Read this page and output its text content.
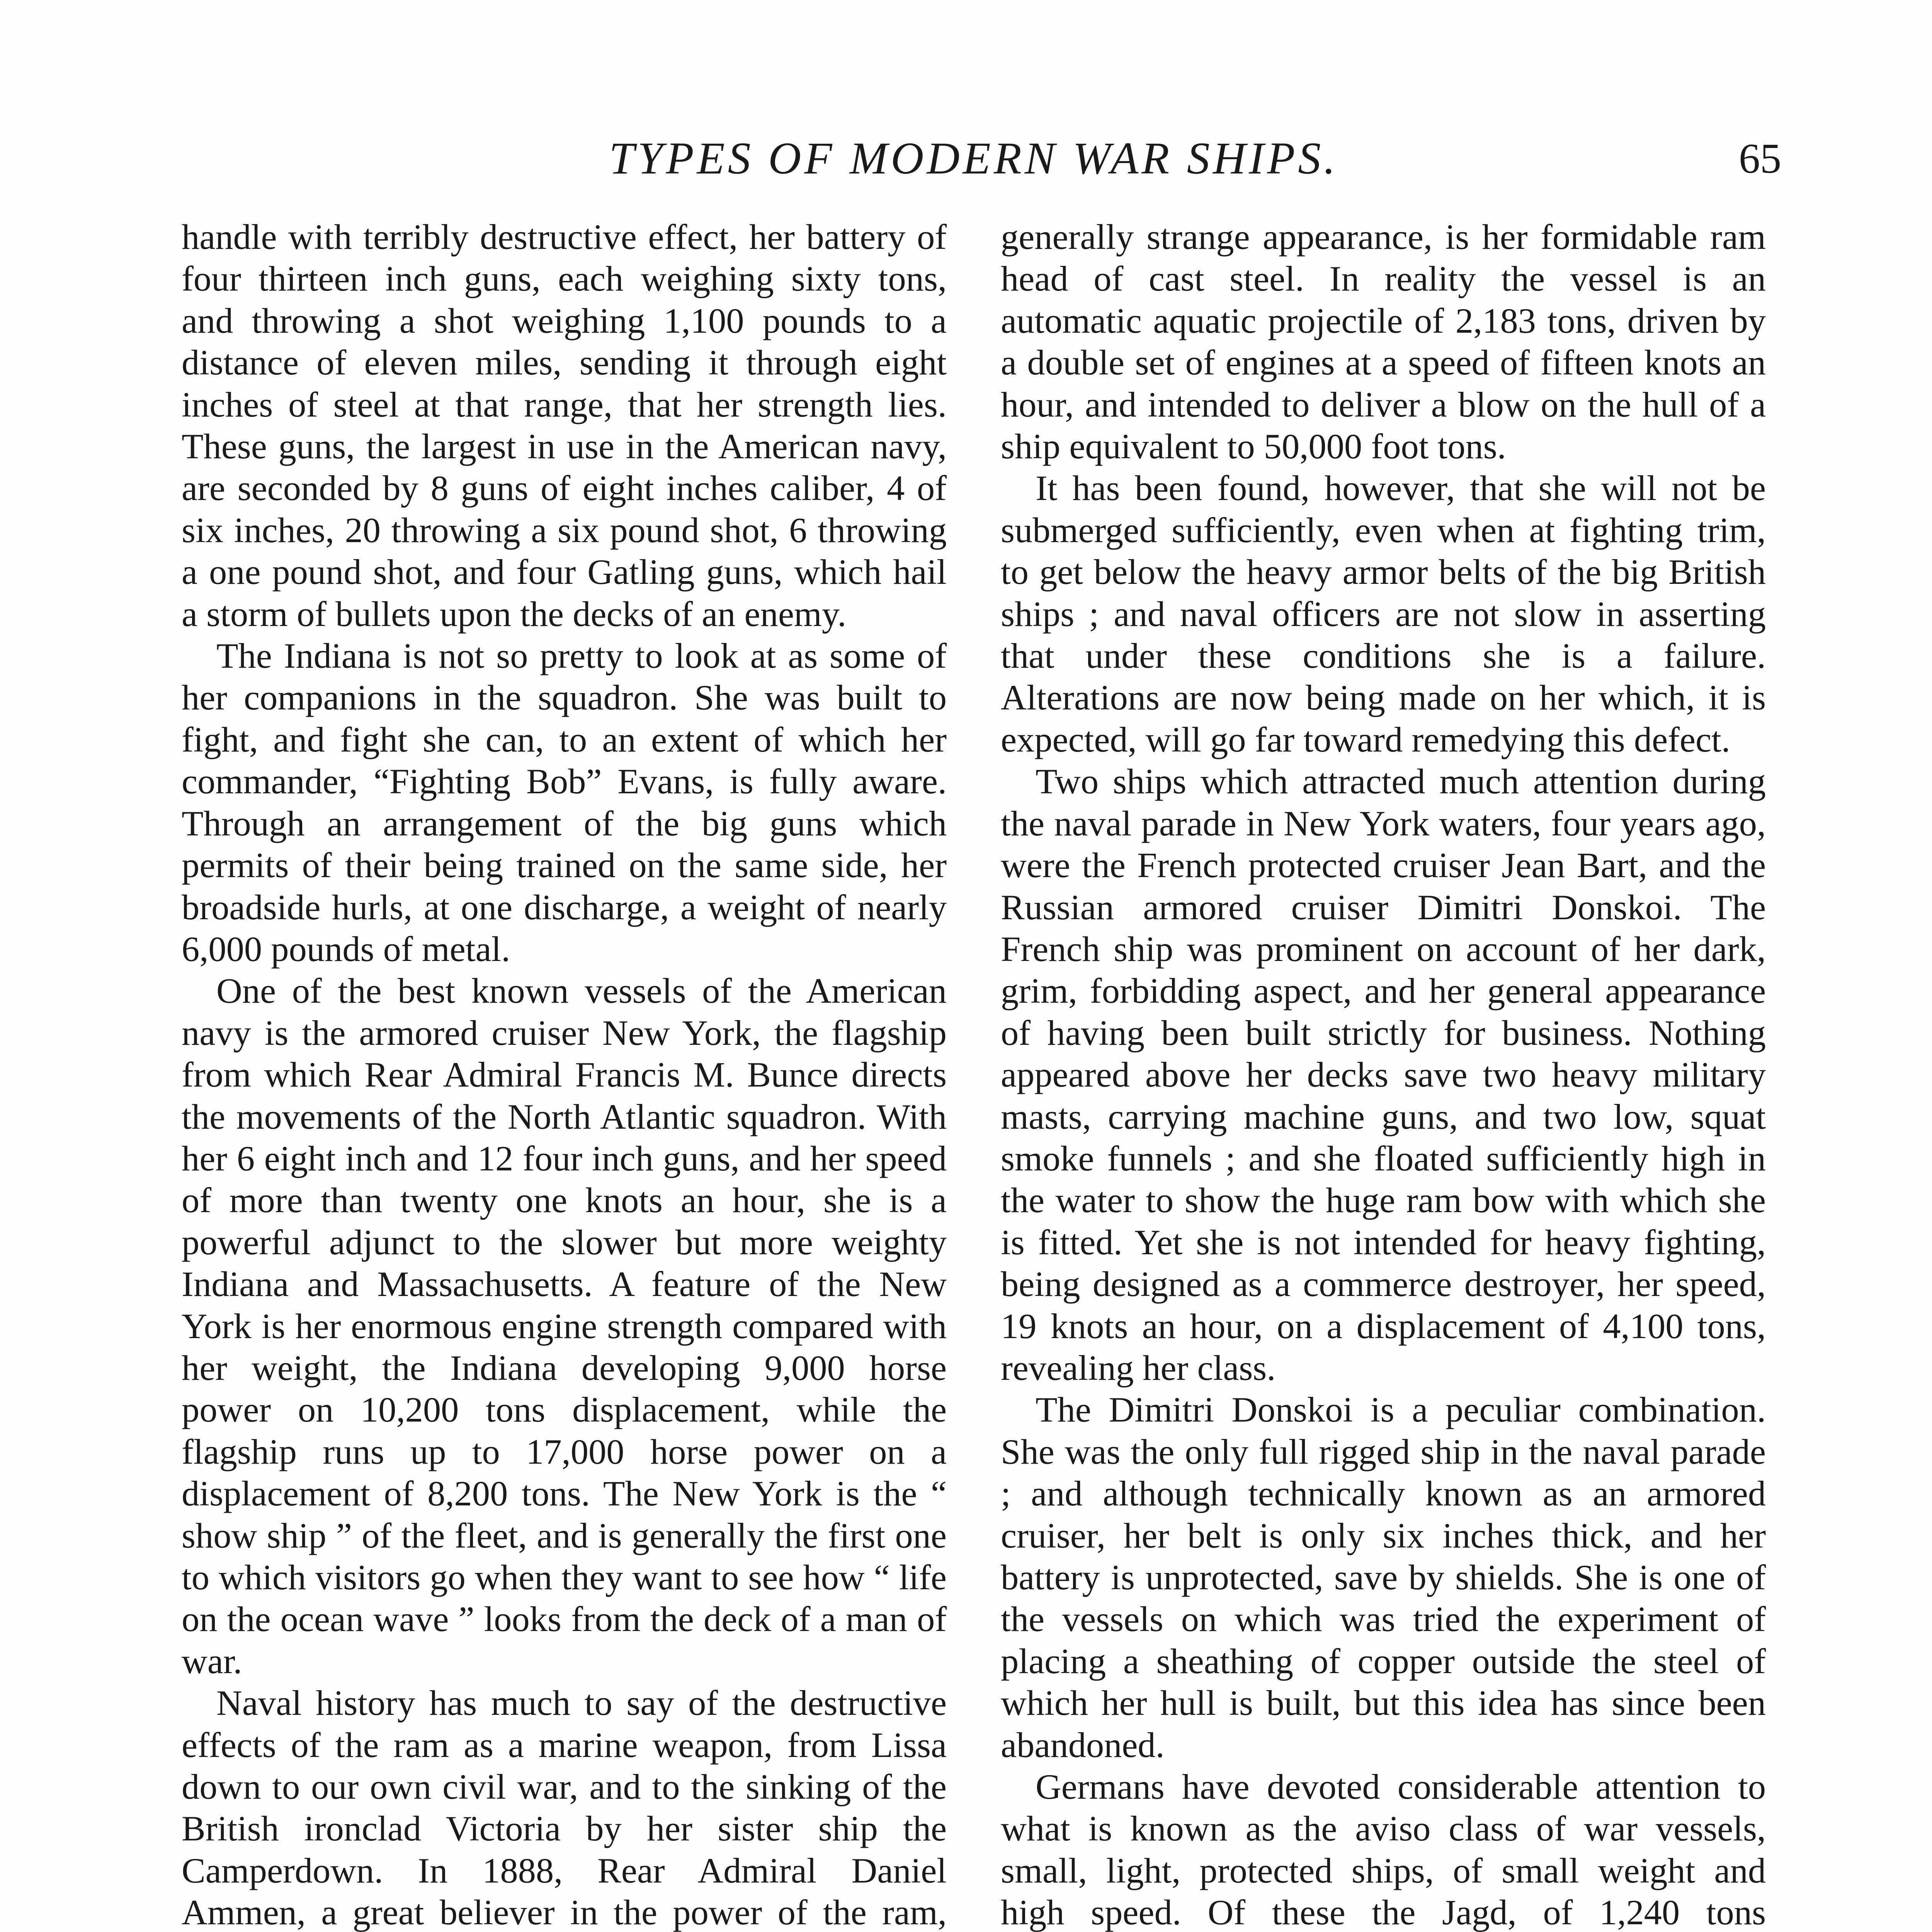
TYPES OF MODERN WAR SHIPS.	65

handle with terribly destructive effect, her battery of four thirteen inch guns, each weighing sixty tons, and throwing a shot weighing 1,100 pounds to a distance of eleven miles, sending it through eight inches of steel at that range, that her strength lies. These guns, the largest in use in the American navy, are seconded by 8 guns of eight inches caliber, 4 of six inches, 20 throwing a six pound shot, 6 throwing a one pound shot, and four Gatling guns, which hail a storm of bullets upon the decks of an enemy.

The Indiana is not so pretty to look at as some of her companions in the squadron. She was built to fight, and fight she can, to an extent of which her commander, “Fighting Bob” Evans, is fully aware. Through an arrangement of the big guns which permits of their being trained on the same side, her broadside hurls, at one discharge, a weight of nearly 6,000 pounds of metal.

One of the best known vessels of the American navy is the armored cruiser New York, the flagship from which Rear Admiral Francis M. Bunce directs the movements of the North Atlantic squadron. With her 6 eight inch and 12 four inch guns, and her speed of more than twenty one knots an hour, she is a powerful adjunct to the slower but more weighty Indiana and Massachusetts. A feature of the New York is her enormous engine strength compared with her weight, the Indiana developing 9,000 horse power on 10,200 tons displacement, while the flagship runs up to 17,000 horse power on a displacement of 8,200 tons. The New York is the “ show ship ” of the fleet, and is generally the first one to which visitors go when they want to see how “ life on the ocean wave ” looks from the deck of a man of war.

Naval history has much to say of the destructive effects of the ram as a marine weapon, from Lissa down to our own civil war, and to the sinking of the British ironclad Victoria by her sister ship the Camperdown. In 1888, Rear Admiral Daniel Ammen, a great believer in the power of the ram,

generally strange appearance, is her formidable ram head of cast steel. In reality the vessel is an automatic aquatic projectile of 2,183 tons, driven by a double set of engines at a speed of fifteen knots an hour, and intended to deliver a blow on the hull of a ship equivalent to 50,000 foot tons.

It has been found, however, that she will not be submerged sufficiently, even when at fighting trim, to get below the heavy armor belts of the big British ships ; and naval officers are not slow in asserting that under these conditions she is a failure. Alterations are now being made on her which, it is expected, will go far toward remedying this defect.

Two ships which attracted much attention during the naval parade in New York waters, four years ago, were the French protected cruiser Jean Bart, and the Russian armored cruiser Dimitri Donskoi. The French ship was prominent on account of her dark, grim, forbidding aspect, and her general appearance of having been built strictly for business. Nothing appeared above her decks save two heavy military masts, carrying machine guns, and two low, squat smoke funnels ; and she floated sufficiently high in the water to show the huge ram bow with which she is fitted. Yet she is not intended for heavy fighting, being designed as a commerce destroyer, her speed, 19 knots an hour, on a displacement of 4,100 tons, revealing her class.

The Dimitri Donskoi is a peculiar combination. She was the only full rigged ship in the naval parade ; and although technically known as an armored cruiser, her belt is only six inches thick, and her battery is unprotected, save by shields. She is one of the vessels on which was tried the experiment of placing a sheathing of copper outside the steel of which her hull is built, but this idea has since been abandoned.

Germans have devoted considerable attention to what is known as the aviso class of war vessels, small, light, protected ships, of small weight and high speed. Of these the Jagd, of 1,240 tons
